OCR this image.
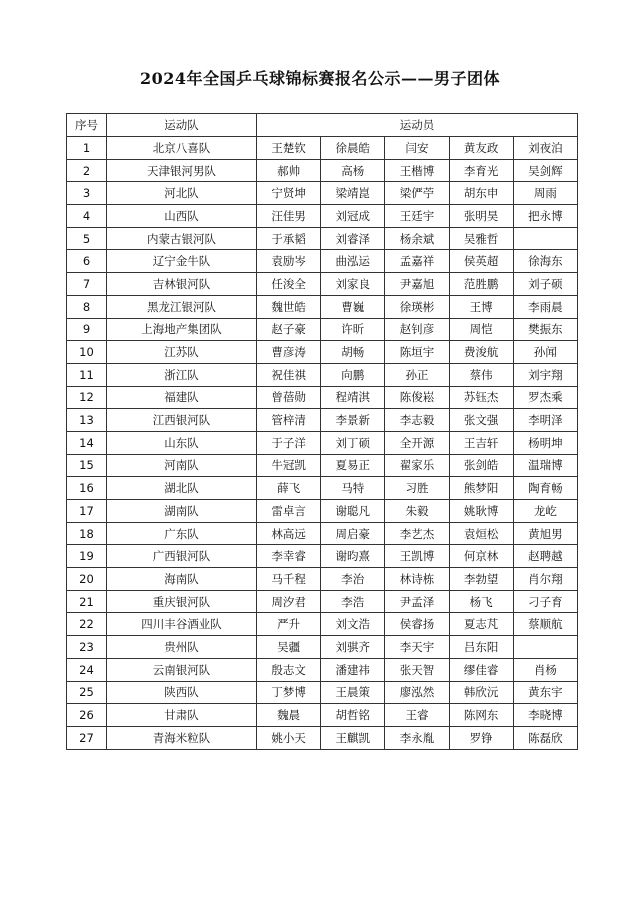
2024年全国乒乓球锦标赛报名公示——男子团体
序号	运动队	运动员				
1	北京八喜队	王楚钦	徐晨皓	闫安	黄友政	刘夜泊
2	天津银河男队	郝帅	高杨	王楷博	李育光	吴剑辉
3	河北队	宁贤坤	梁靖崑	梁俨苧	胡东申	周雨
4	山西队	汪佳男	刘冠成	王廷宇	张明昊	把永博
5	内蒙古银河队	于承韬	刘睿泽	杨余斌	吴雅哲	
6	辽宁金牛队	袁励岑	曲泓运	孟嘉祥	侯英超	徐海东
7	吉林银河队	任浚全	刘家良	尹嘉旭	范胜鹏	刘子硕
8	黑龙江银河队	魏世皓	曹巍	徐瑛彬	王博	李雨晨
9	上海地产集团队	赵子豪	许昕	赵钊彦	周恺	樊振东
10	江苏队	曹彦涛	胡畅	陈垣宇	费浚航	孙闻
11	浙江队	祝佳祺	向鹏	孙正	蔡伟	刘宇翔
12	福建队	曾蓓勋	程靖淇	陈俊崧	苏钰杰	罗杰乘
13	江西银河队	管梓清	李景新	李志毅	张文强	李明泽
14	山东队	于子洋	刘丁硕	全开源	王吉轩	杨明坤
15	河南队	牛冠凯	夏易正	翟家乐	张剑皓	温瑞博
16	湖北队	薛飞	马特	习胜	熊梦阳	陶育畅
17	湖南队	雷卓言	谢聪凡	朱毅	姚耿博	龙屹
18	广东队	林高远	周启豪	李艺杰	袁烜松	黄旭男
19	广西银河队	李幸睿	谢昀熹	王凯博	何京林	赵聘越
20	海南队	马千程	李治	林诗栋	李勃望	肖尔翔
21	重庆银河队	周汐君	李浩	尹孟泽	杨飞	刁子育
22	四川丰谷酒业队	严升	刘文浩	侯睿扬	夏志芃	蔡顺航
23	贵州队	吴疆	刘骐齐	李天宇	吕东阳	
24	云南银河队	殷志文	潘建祎	张天智	缪佳睿	肖杨
25	陕西队	丁梦博	王晨策	廖泓然	韩欣沅	黄东宇
26	甘肃队	魏晨	胡哲铭	王睿	陈网东	李晓博
27	青海米粒队	姚小天	王麒凯	李永胤	罗铮	陈磊欣
